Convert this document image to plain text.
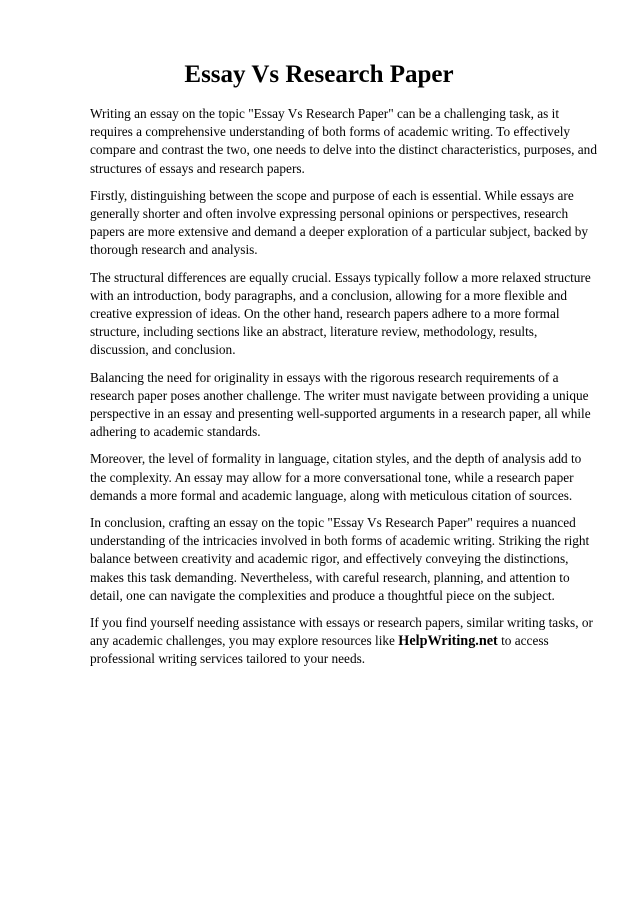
Essay Vs Research Paper

Writing an essay on the topic "Essay Vs Research Paper" can be a challenging task, as it requires a comprehensive understanding of both forms of academic writing. To effectively compare and contrast the two, one needs to delve into the distinct characteristics, purposes, and structures of essays and research papers.

Firstly, distinguishing between the scope and purpose of each is essential. While essays are generally shorter and often involve expressing personal opinions or perspectives, research papers are more extensive and demand a deeper exploration of a particular subject, backed by thorough research and analysis.

The structural differences are equally crucial. Essays typically follow a more relaxed structure with an introduction, body paragraphs, and a conclusion, allowing for a more flexible and creative expression of ideas. On the other hand, research papers adhere to a more formal structure, including sections like an abstract, literature review, methodology, results, discussion, and conclusion.

Balancing the need for originality in essays with the rigorous research requirements of a research paper poses another challenge. The writer must navigate between providing a unique perspective in an essay and presenting well-supported arguments in a research paper, all while adhering to academic standards.

Moreover, the level of formality in language, citation styles, and the depth of analysis add to the complexity. An essay may allow for a more conversational tone, while a research paper demands a more formal and academic language, along with meticulous citation of sources.

In conclusion, crafting an essay on the topic "Essay Vs Research Paper" requires a nuanced understanding of the intricacies involved in both forms of academic writing. Striking the right balance between creativity and academic rigor, and effectively conveying the distinctions, makes this task demanding. Nevertheless, with careful research, planning, and attention to detail, one can navigate the complexities and produce a thoughtful piece on the subject.

If you find yourself needing assistance with essays or research papers, similar writing tasks, or any academic challenges, you may explore resources like HelpWriting.net to access professional writing services tailored to your needs.
